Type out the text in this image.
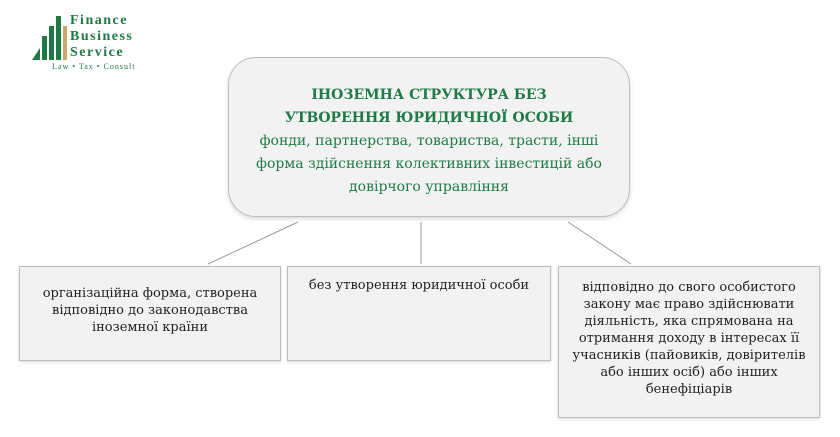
Finance
Business
Service
Law • Tax • Consult
ІНОЗЕМНА СТРУКТУРА БЕЗ УТВОРЕННЯ ЮРИДИЧНОЇ ОСОБИ
фонди, партнерства, товариства, трасти, інші форма здійснення колективних інвестицій або довірчого управління
організаційна форма, створена відповідно до законодавства іноземної країни
без утворення юридичної особи	відповідно до свого особистого закону має право здійснювати діяльність, яка спрямована на отримання доходу в інтересах її учасників (пайовиків, довірителів або інших осіб) або інших бенефіціарів
